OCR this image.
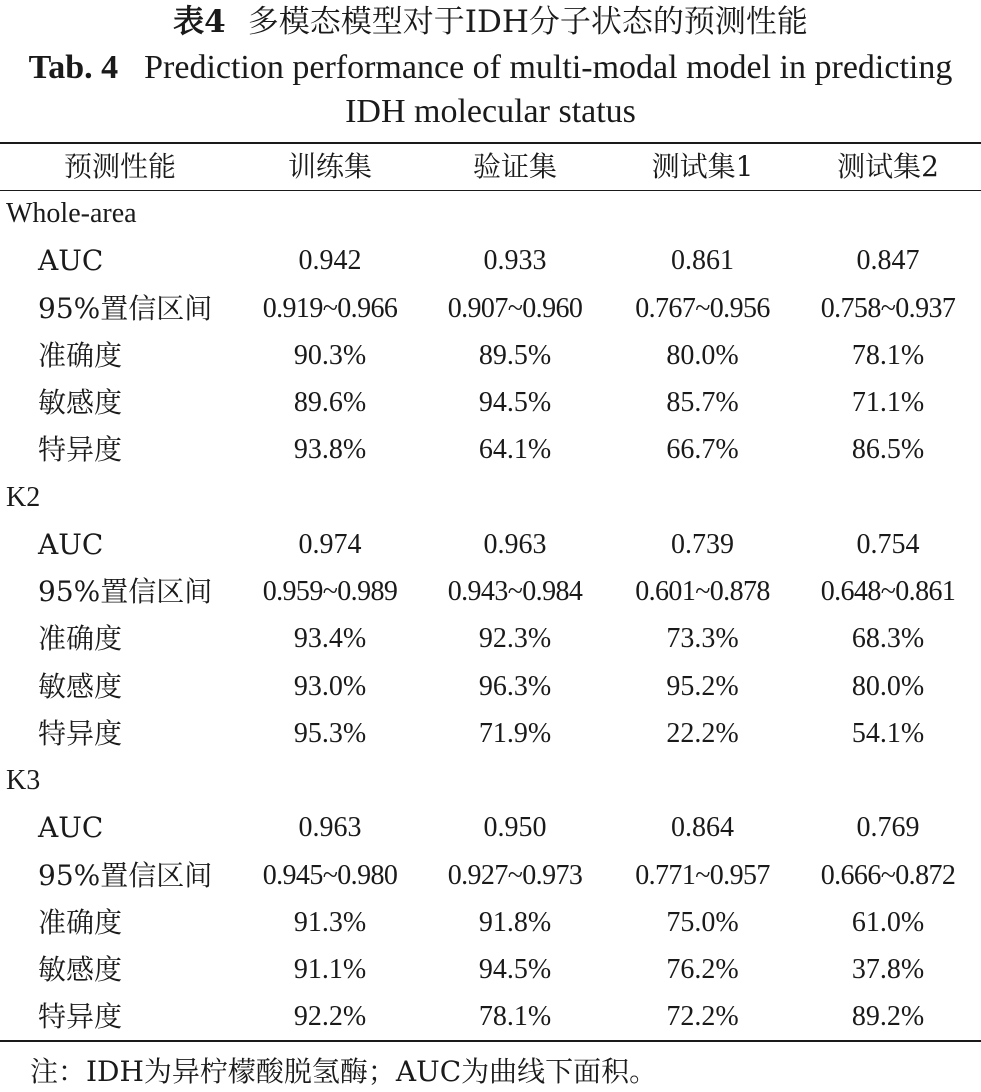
表4 多模态模型对于IDH分子状态的预测性能
Tab. 4 Prediction performance of multi-modal model in predicting IDH molecular status
预测性能	训练集	验证集	测试集1	测试集2
Whole-area				
AUC	0.942	0.933	0.861	0.847
95%置信区间	0.919~0.966	0.907~0.960	0.767~0.956	0.758~0.937
准确度	90.3%	89.5%	80.0%	78.1%
敏感度	89.6%	94.5%	85.7%	71.1%
特异度	93.8%	64.1%	66.7%	86.5%
K2				
AUC	0.974	0.963	0.739	0.754
95%置信区间	0.959~0.989	0.943~0.984	0.601~0.878	0.648~0.861
准确度	93.4%	92.3%	73.3%	68.3%
敏感度	93.0%	96.3%	95.2%	80.0%
特异度	95.3%	71.9%	22.2%	54.1%
K3				
AUC	0.963	0.950	0.864	0.769
95%置信区间	0.945~0.980	0.927~0.973	0.771~0.957	0.666~0.872
准确度	91.3%	91.8%	75.0%	61.0%
敏感度	91.1%	94.5%	76.2%	37.8%
特异度	92.2%	78.1%	72.2%	89.2%
注：IDH为异柠檬酸脱氢酶；AUC为曲线下面积。
